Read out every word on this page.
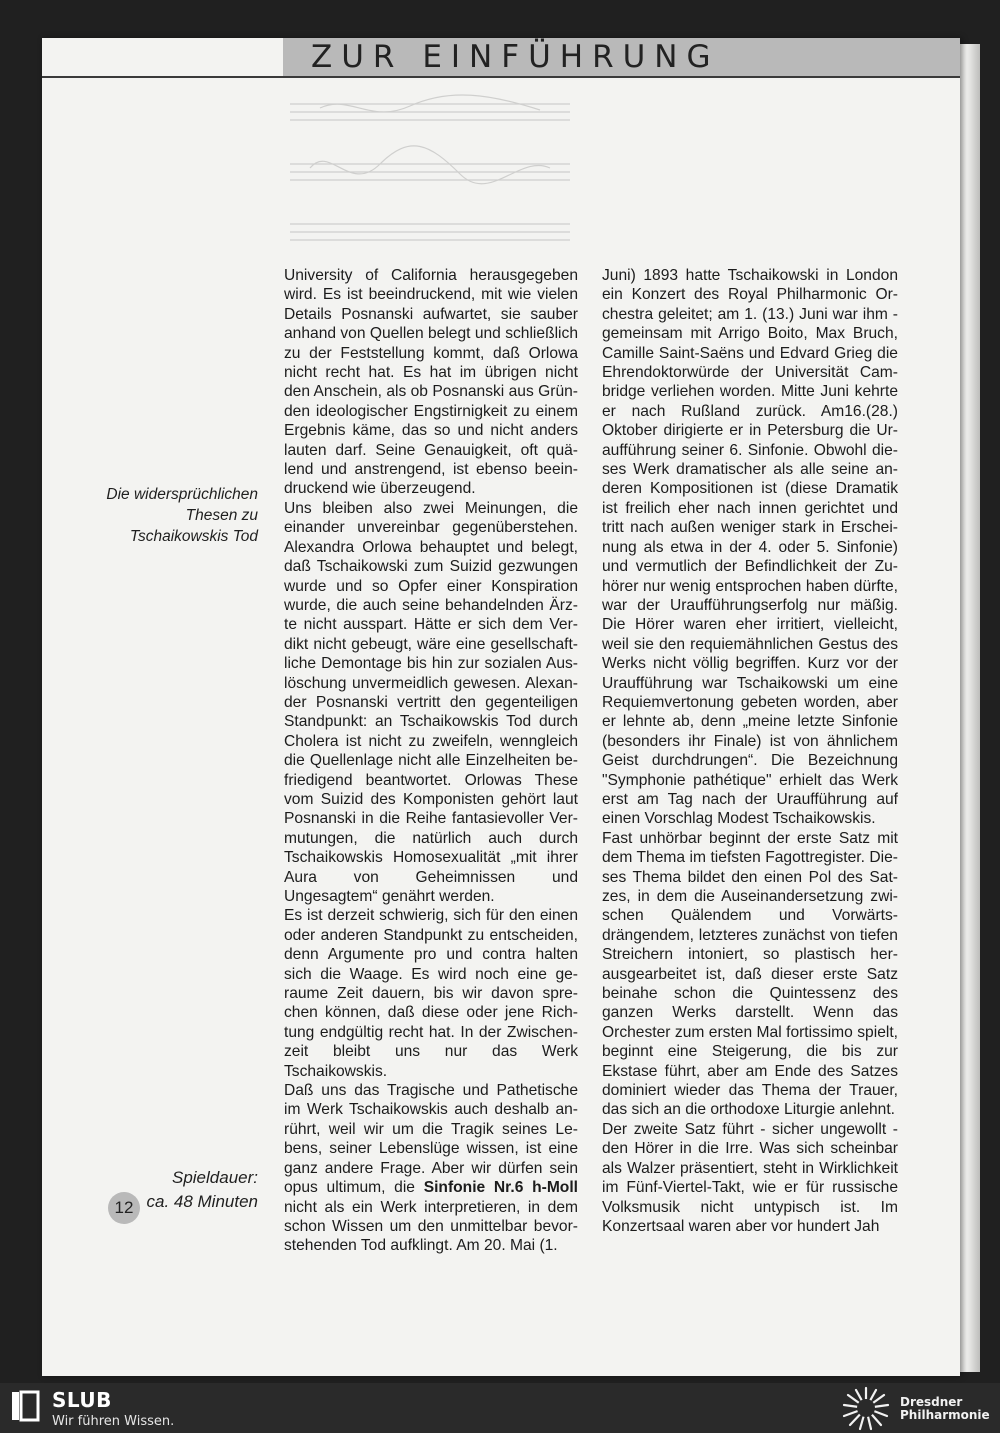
ZUR EINFÜHRUNG
Die widersprüchlichen
Thesen zu
Tschaikowskis Tod
Spieldauer:
ca. 48 Minuten
12

University of California herausgegeben wird. Es ist beeindruckend, mit wie vielen Details Posnanski aufwartet, sie sauber anhand von Quellen belegt und schließlich zu der Feststellung kommt, daß Orlowa nicht recht hat. Es hat im übrigen nicht den Anschein, als ob Posnanski aus Gründen ideologischer Engstirnigkeit zu einem Ergebnis käme, das so und nicht anders lauten darf. Seine Genauigkeit, oft quälend und anstrengend, ist ebenso beeindruckend wie überzeugend.

Uns bleiben also zwei Meinungen, die einander unvereinbar gegenüberstehen. Alexandra Orlowa behauptet und belegt, daß Tschaikowski zum Suizid gezwungen wurde und so Opfer einer Konspiration wurde, die auch seine behandelnden Ärzte nicht ausspart. Hätte er sich dem Verdikt nicht gebeugt, wäre eine gesellschaftliche Demontage bis hin zur sozialen Auslöschung unvermeidlich gewesen. Alexander Posnanski vertritt den gegenteiligen Standpunkt: an Tschaikowskis Tod durch Cholera ist nicht zu zweifeln, wenngleich die Quellenlage nicht alle Einzelheiten befriedigend beantwortet. Orlowas These vom Suizid des Komponisten gehört laut Posnanski in die Reihe fantasievoller Vermutungen, die natürlich auch durch Tschaikowskis Homosexualität „mit ihrer Aura von Geheimnissen und Ungesagtem“ genährt werden.

Es ist derzeit schwierig, sich für den einen oder anderen Standpunkt zu entscheiden, denn Argumente pro und contra halten sich die Waage. Es wird noch eine geraume Zeit dauern, bis wir davon sprechen können, daß diese oder jene Richtung endgültig recht hat. In der Zwischenzeit bleibt uns nur das Werk Tschaikowskis.

Daß uns das Tragische und Pathetische im Werk Tschaikowskis auch deshalb anrührt, weil wir um die Tragik seines Lebens, seiner Lebenslüge wissen, ist eine ganz andere Frage. Aber wir dürfen sein opus ultimum, die Sinfonie Nr.6 h-Moll nicht als ein Werk interpretieren, in dem schon Wissen um den unmittelbar bevorstehenden Tod aufklingt. Am 20. Mai (1.

Juni) 1893 hatte Tschaikowski in London ein Konzert des Royal Philharmonic Orchestra geleitet; am 1. (13.) Juni war ihm - gemeinsam mit Arrigo Boito, Max Bruch, Camille Saint-Saëns und Edvard Grieg die Ehrendoktorwürde der Universität Cambridge verliehen worden. Mitte Juni kehrte er nach Rußland zurück. Am16.(28.) Oktober dirigierte er in Petersburg die Uraufführung seiner 6. Sinfonie. Obwohl dieses Werk dramatischer als alle seine anderen Kompositionen ist (diese Dramatik ist freilich eher nach innen gerichtet und tritt nach außen weniger stark in Erscheinung als etwa in der 4. oder 5. Sinfonie) und vermutlich der Befindlichkeit der Zuhörer nur wenig entsprochen haben dürfte, war der Uraufführungserfolg nur mäßig. Die Hörer waren eher irritiert, vielleicht, weil sie den requiemähnlichen Gestus des Werks nicht völlig begriffen. Kurz vor der Uraufführung war Tschaikowski um eine Requiemvertonung gebeten worden, aber er lehnte ab, denn „meine letzte Sinfonie (besonders ihr Finale) ist von ähnlichem Geist durchdrungen“. Die Bezeichnung "Symphonie pathétique" erhielt das Werk erst am Tag nach der Uraufführung auf einen Vorschlag Modest Tschaikowskis.

Fast unhörbar beginnt der erste Satz mit dem Thema im tiefsten Fagottregister. Dieses Thema bildet den einen Pol des Satzes, in dem die Auseinandersetzung zwischen Quälendem und Vorwärtsdrängendem, letzteres zunächst von tiefen Streichern intoniert, so plastisch herausgearbeitet ist, daß dieser erste Satz beinahe schon die Quintessenz des ganzen Werks darstellt. Wenn das Orchester zum ersten Mal fortissimo spielt, beginnt eine Steigerung, die bis zur Ekstase führt, aber am Ende des Satzes dominiert wieder das Thema der Trauer, das sich an die orthodoxe Liturgie anlehnt.

Der zweite Satz führt - sicher ungewollt - den Hörer in die Irre. Was sich scheinbar als Walzer präsentiert, steht in Wirklichkeit im Fünf-Viertel-Takt, wie er für russische Volksmusik nicht untypisch ist. Im Konzertsaal waren aber vor hundert Jah

SLUB
Wir führen Wissen.
Dresdner
Philharmonie
